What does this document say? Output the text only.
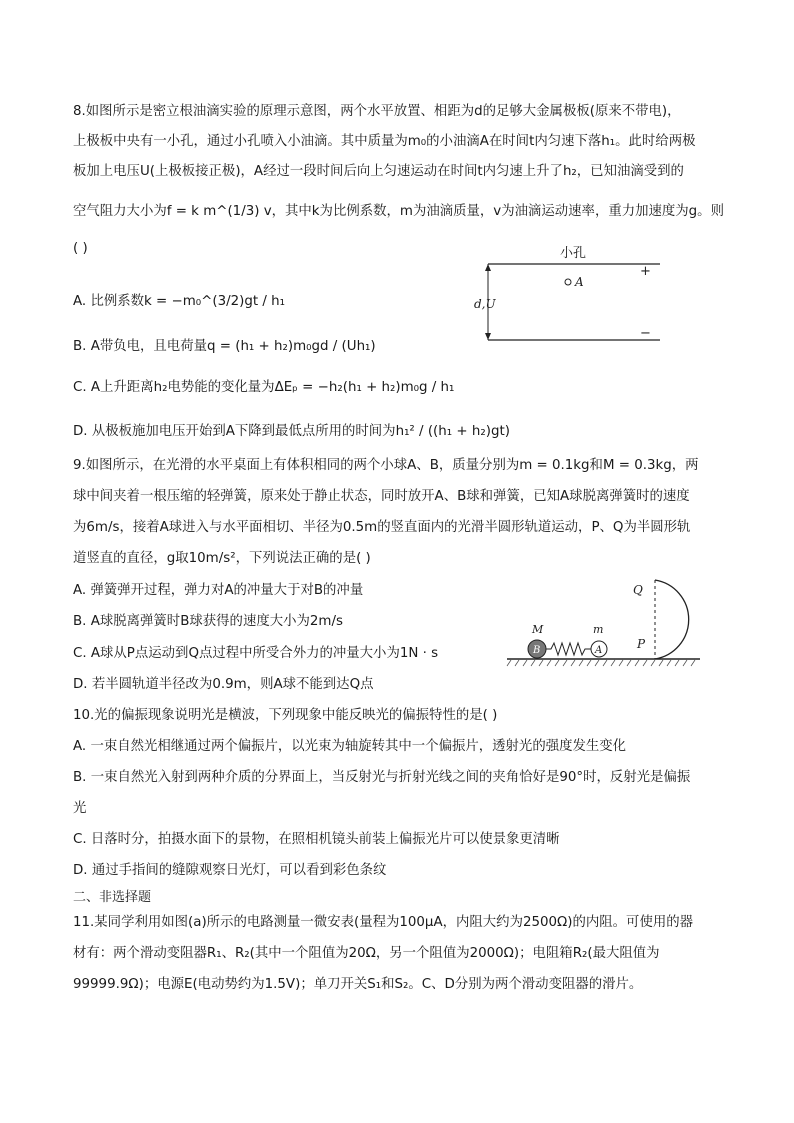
8.如图所示是密立根油滴实验的原理示意图，两个水平放置、相距为d的足够大金属极板(原来不带电)，
上极板中央有一小孔，通过小孔喷入小油滴。其中质量为m₀的小油滴A在时间t内匀速下落h₁。此时给两极
板加上电压U(上极板接正极)，A经过一段时间后向上匀速运动在时间t内匀速上升了h₂，已知油滴受到的
空气阻力大小为f = k m^(1/3) v，其中k为比例系数，m为油滴质量，v为油滴运动速率，重力加速度为g。则
( )
A. 比例系数k = −m₀^(3/2)gt / h₁
B. A带负电，且电荷量q = (h₁ + h₂)m₀gd / (Uh₁)
C. A上升距离h₂电势能的变化量为ΔEₚ = −h₂(h₁ + h₂)m₀g / h₁
D. 从极板施加电压开始到A下降到最低点所用的时间为h₁² / ((h₁ + h₂)gt)
小孔
d,U
A
+
−
9.如图所示，在光滑的水平桌面上有体积相同的两个小球A、B，质量分别为m = 0.1kg和M = 0.3kg，两
球中间夹着一根压缩的轻弹簧，原来处于静止状态，同时放开A、B球和弹簧，已知A球脱离弹簧时的速度
为6m/s，接着A球进入与水平面相切、半径为0.5m的竖直面内的光滑半圆形轨道运动，P、Q为半圆形轨
道竖直的直径，g取10m/s²，下列说法正确的是( )
A. 弹簧弹开过程，弹力对A的冲量大于对B的冲量
B. A球脱离弹簧时B球获得的速度大小为2m/s
C. A球从P点运动到Q点过程中所受合外力的冲量大小为1N · s
D. 若半圆轨道半径改为0.9m，则A球不能到达Q点
B
M
A
m
Q
P
10.光的偏振现象说明光是横波，下列现象中能反映光的偏振特性的是( )
A. 一束自然光相继通过两个偏振片，以光束为轴旋转其中一个偏振片，透射光的强度发生变化
B. 一束自然光入射到两种介质的分界面上，当反射光与折射光线之间的夹角恰好是90°时，反射光是偏振
光
C. 日落时分，拍摄水面下的景物，在照相机镜头前装上偏振光片可以使景象更清晰
D. 通过手指间的缝隙观察日光灯，可以看到彩色条纹
二、非选择题
11.某同学利用如图(a)所示的电路测量一微安表(量程为100μA，内阻大约为2500Ω)的内阻。可使用的器
材有：两个滑动变阻器R₁、R₂(其中一个阻值为20Ω，另一个阻值为2000Ω)；电阻箱R₂(最大阻值为
99999.9Ω)；电源E(电动势约为1.5V)；单刀开关S₁和S₂。C、D分别为两个滑动变阻器的滑片。
